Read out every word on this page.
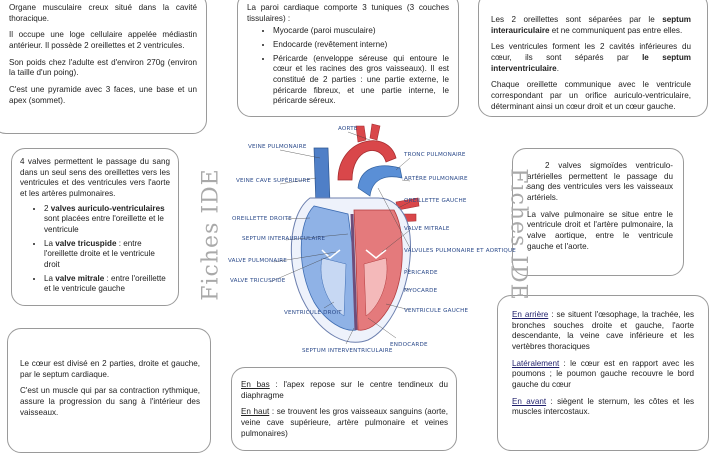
Organe musculaire creux situé dans la cavité thoracique.

Il occupe une loge cellulaire appelée médiastin antérieur. Il possède 2 oreillettes et 2 ventricules.

Son poids chez l'adulte est d'environ 270g (environ la taille d'un poing).

C'est une pyramide avec 3 faces, une base et un apex (sommet).

La paroi cardiaque comporte 3 tuniques (3 couches tissulaires) :

• Myocarde (paroi musculaire)
• Endocarde (revêtement interne)
• Péricarde (enveloppe séreuse qui entoure le cœur et les racines des gros vaisseaux). Il est constitué de 2 parties : une partie externe, le péricarde fibreux, et une partie interne, le péricarde séreux.

Les 2 oreillettes sont séparées par le septum interauriculaire et ne communiquent pas entre elles.

Les ventricules forment les 2 cavités inférieures du cœur, ils sont séparés par le septum interventriculaire.

Chaque oreillette communique avec le ventricule correspondant par un orifice auriculo-ventriculaire, déterminant ainsi un cœur droit et un cœur gauche.

4 valves permettent le passage du sang dans un seul sens des oreillettes vers les ventricules et des ventricules vers l'aorte et les artères pulmonaires.

• 2 valves auriculo-ventriculaires sont placées entre l'oreillette et le ventricule
• La valve tricuspide : entre l'oreillette droite et le ventricule droit
• La valve mitrale : entre l'oreillette et le ventricule gauche

2 valves sigmoïdes ventriculo-artérielles permettent le passage du sang des ventricules vers les vaisseaux artériels.

La valve pulmonaire se situe entre le ventricule droit et l'artère pulmonaire, la valve aortique, entre le ventricule gauche et l'aorte.

Le cœur est divisé en 2 parties, droite et gauche, par le septum cardiaque.

C'est un muscle qui par sa contraction rythmique, assure la progression du sang à l'intérieur des vaisseaux.

En bas : l'apex repose sur le centre tendineux du diaphragme

En haut : se trouvent les gros vaisseaux sanguins (aorte, veine cave supérieure, artère pulmonaire et veines pulmonaires)

En arrière : se situent l'œsophage, la trachée, les bronches souches droite et gauche, l'aorte descendante, la veine cave inférieure et les vertèbres thoraciques

Latéralement : le cœur est en rapport avec les poumons ; le poumon gauche recouvre le bord gauche du cœur

En avant : siègent le sternum, les côtes et les muscles intercostaux.

Fiches IDE	Fiches IDE
AORTE
VEINE PULMONAIRE
TRONC PULMONAIRE
VEINE CAVE SUPÉRIEURE	ARTÈRE PULMONAIRE
OREILLETTE DROITE
OREILLETTE GAUCHE
SEPTUM INTERAURICULAIRE
VALVE MITRALE
VALVE PULMONAIRE
VALVULES PULMONAIRE ET AORTIQUE
VALVE TRICUSPIDE
PÉRICARDE
MYOCARDE
VENTRICULE DROIT	VENTRICULE GAUCHE
ENDOCARDE
SEPTUM INTERVENTRICULAIRE
